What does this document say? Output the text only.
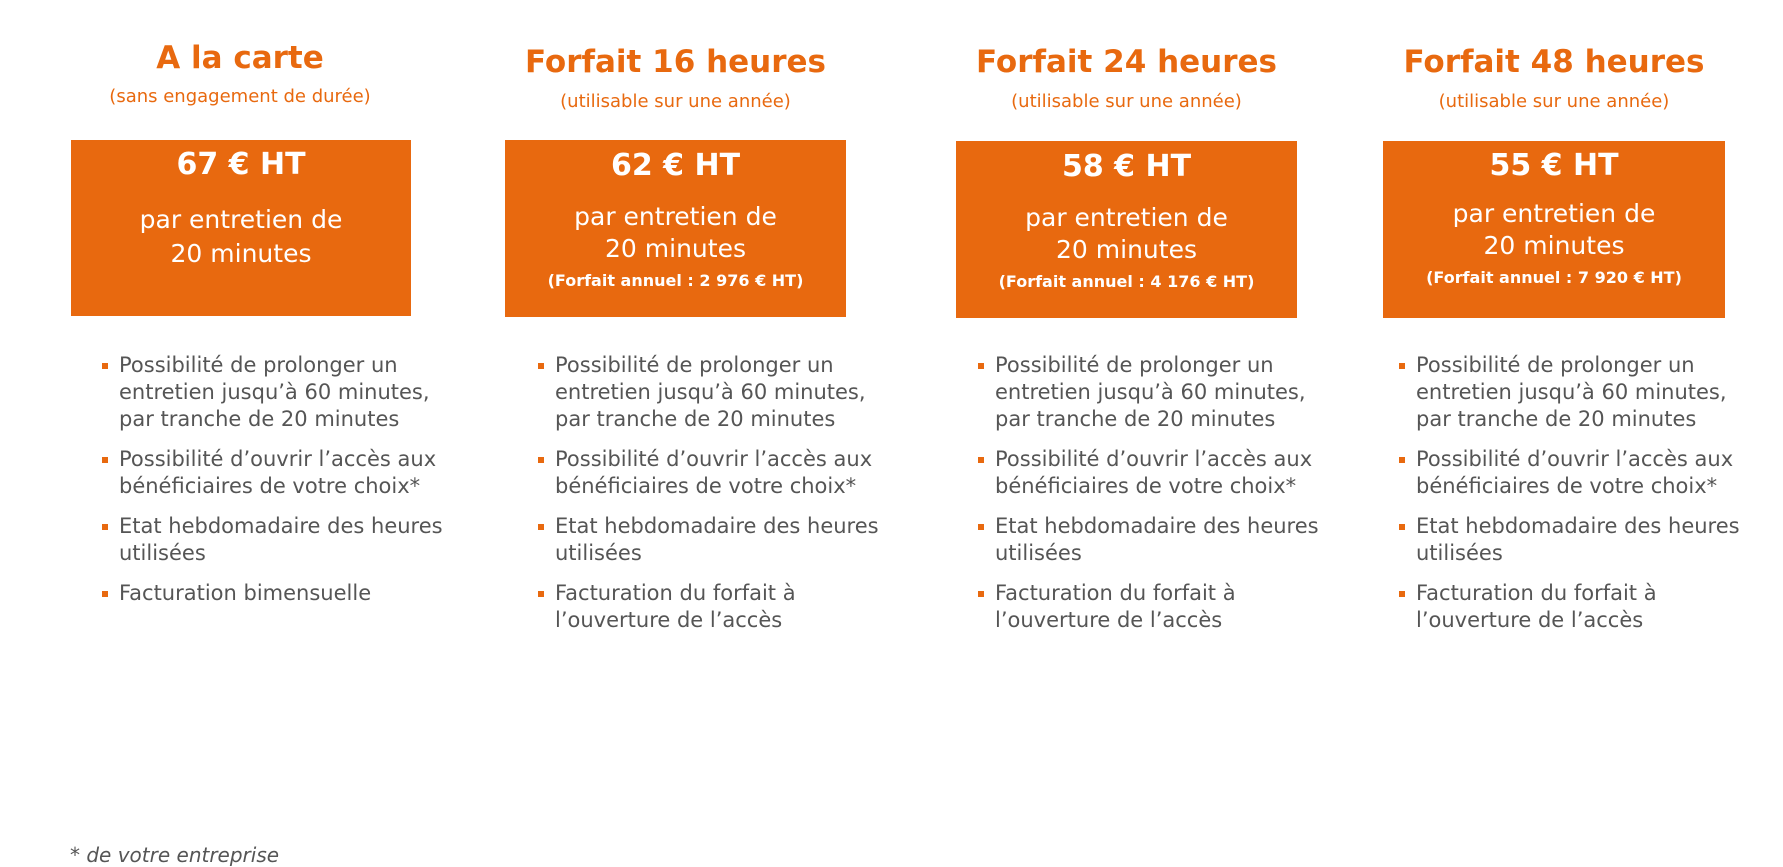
A la carte
(sans engagement de durée)
67 € HT
par entretien de
20 minutes
Possibilité de prolonger un entretien jusqu’à 60 minutes, par tranche de 20 minutes
Possibilité d’ouvrir l’accès aux bénéficiaires de votre choix*
Etat hebdomadaire des heures utilisées
Facturation bimensuelle
Forfait 16 heures
(utilisable sur une année)
62 € HT
par entretien de
20 minutes
(Forfait annuel : 2 976 € HT)
Possibilité de prolonger un entretien jusqu’à 60 minutes, par tranche de 20 minutes
Possibilité d’ouvrir l’accès aux bénéficiaires de votre choix*
Etat hebdomadaire des heures utilisées
Facturation du forfait à l’ouverture de l’accès
Forfait 24 heures
(utilisable sur une année)
58 € HT
par entretien de
20 minutes
(Forfait annuel : 4 176 € HT)
Possibilité de prolonger un entretien jusqu’à 60 minutes, par tranche de 20 minutes
Possibilité d’ouvrir l’accès aux bénéficiaires de votre choix*
Etat hebdomadaire des heures utilisées
Facturation du forfait à l’ouverture de l’accès
Forfait 48 heures
(utilisable sur une année)
55 € HT
par entretien de
20 minutes
(Forfait annuel : 7 920 € HT)
Possibilité de prolonger un entretien jusqu’à 60 minutes, par tranche de 20 minutes
Possibilité d’ouvrir l’accès aux bénéficiaires de votre choix*
Etat hebdomadaire des heures utilisées
Facturation du forfait à l’ouverture de l’accès
* de votre entreprise
